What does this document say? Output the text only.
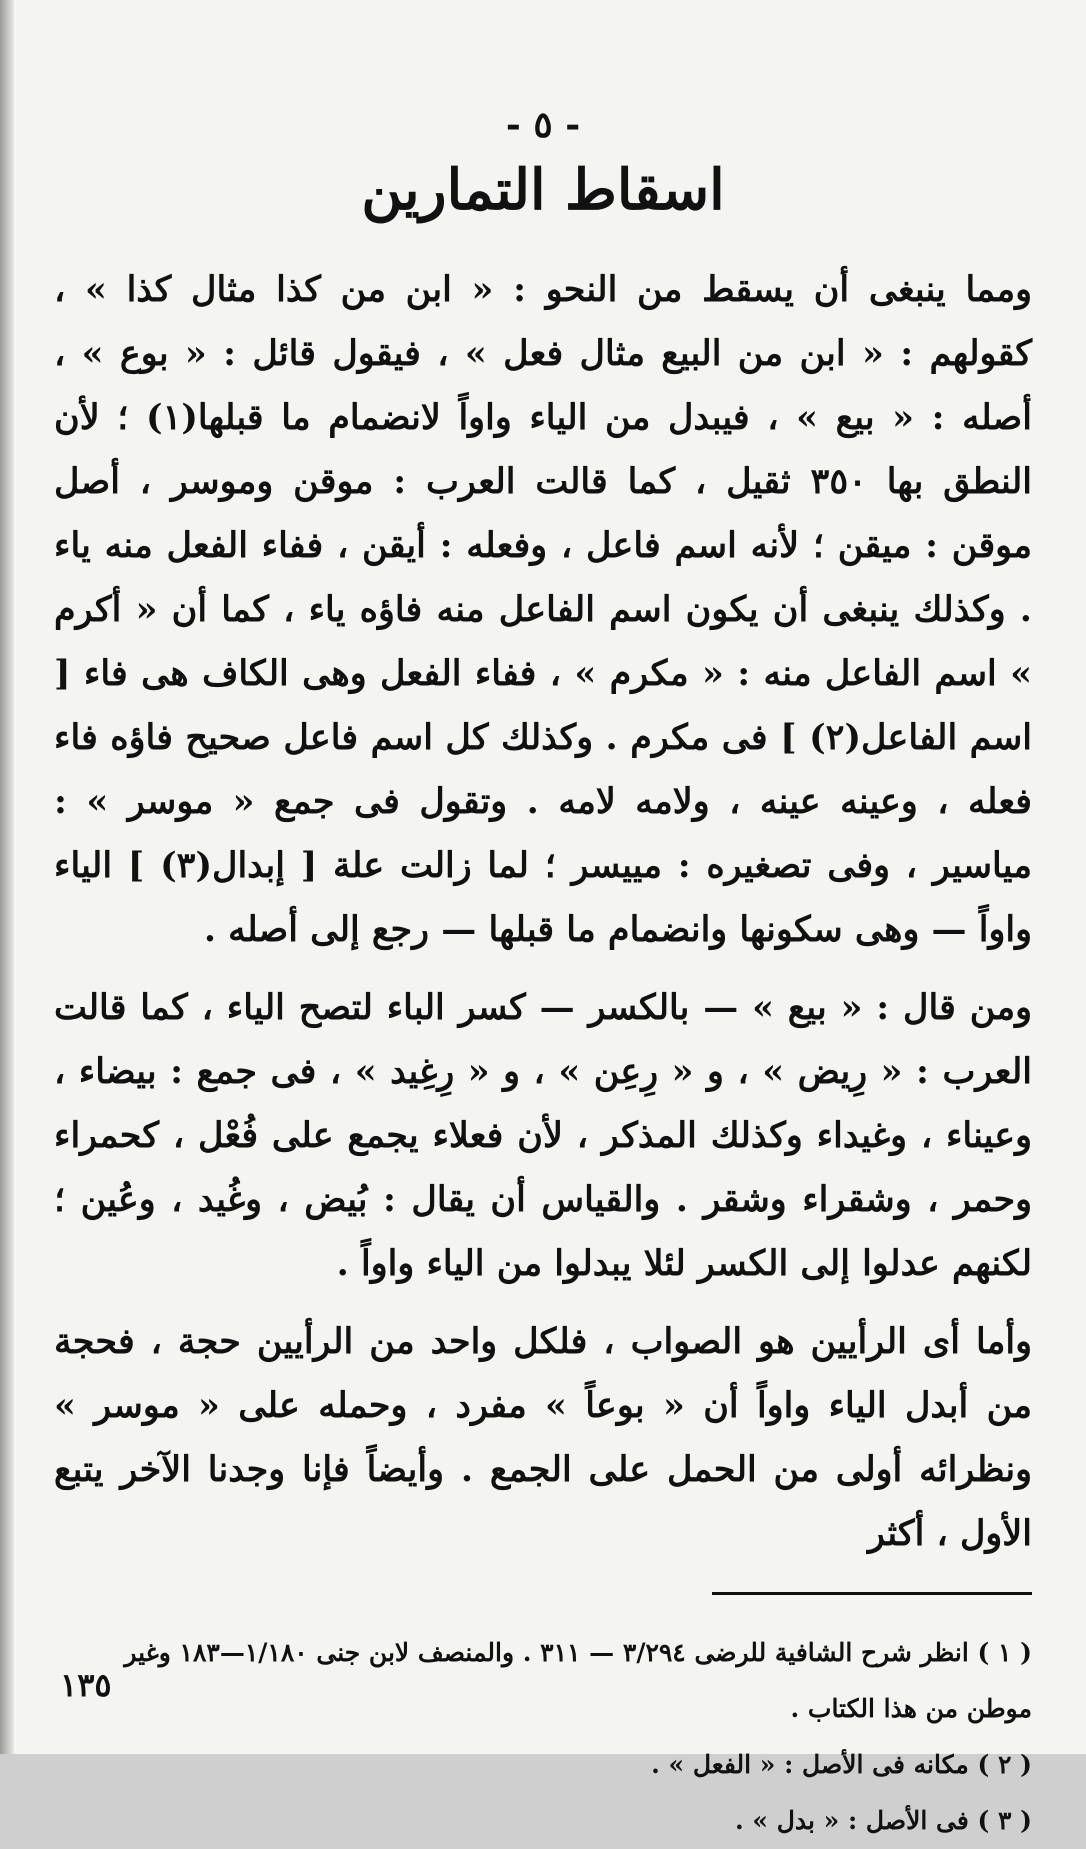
- ٥ -

اسقاط التمارين

ومما ينبغى أن يسقط من النحو : « ابن من كذا مثال كذا » ، كقولهم : « ابن من البيع مثال فعل » ، فيقول قائل : « بوع » ، أصله : « بيع » ، فيبدل من الياء واواً لانضمام ما قبلها(١) ؛ لأن النطق بها ٣٥٠ ثقيل ، كما قالت العرب : موقن وموسر ، أصل موقن : ميقن ؛ لأنه اسم فاعل ، وفعله : أيقن ، ففاء الفعل منه ياء . وكذلك ينبغى أن يكون اسم الفاعل منه فاؤه ياء ، كما أن « أكرم » اسم الفاعل منه : « مكرم » ، ففاء الفعل وهى الكاف هى فاء [ اسم الفاعل(٢) ] فى مكرم . وكذلك كل اسم فاعل صحيح فاؤه فاء فعله ، وعينه عينه ، ولامه لامه . وتقول فى جمع « موسر » : مياسير ، وفى تصغيره : مييسر ؛ لما زالت علة [ إبدال(٣) ] الياء واواً — وهى سكونها وانضمام ما قبلها — رجع إلى أصله .

ومن قال : « بيع » — بالكسر — كسر الباء لتصح الياء ، كما قالت العرب : « رِيض » ، و « رِعِن » ، و « رِغِيد » ، فى جمع : بيضاء ، وعيناء ، وغيداء وكذلك المذكر ، لأن فعلاء يجمع على فُعْل ، كحمراء وحمر ، وشقراء وشقر . والقياس أن يقال : بُيض ، وغُيد ، وعُين ؛ لكنهم عدلوا إلى الكسر لئلا يبدلوا من الياء واواً .

وأما أى الرأيين هو الصواب ، فلكل واحد من الرأيين حجة ، فحجة من أبدل الياء واواً أن « بوعاً » مفرد ، وحمله على « موسر » ونظرائه أولى من الحمل على الجمع . وأيضاً فإنا وجدنا الآخر يتبع الأول ، أكثر

( ١ ) انظر شرح الشافية للرضى ٣/٢٩٤ — ٣١١ . والمنصف لابن جنى ١/١٨٠—١٨٣ وغير موطن من هذا الكتاب .

( ٢ ) مكانه فى الأصل : « الفعل » .

( ٣ ) فى الأصل : « بدل » .

١٣٥
